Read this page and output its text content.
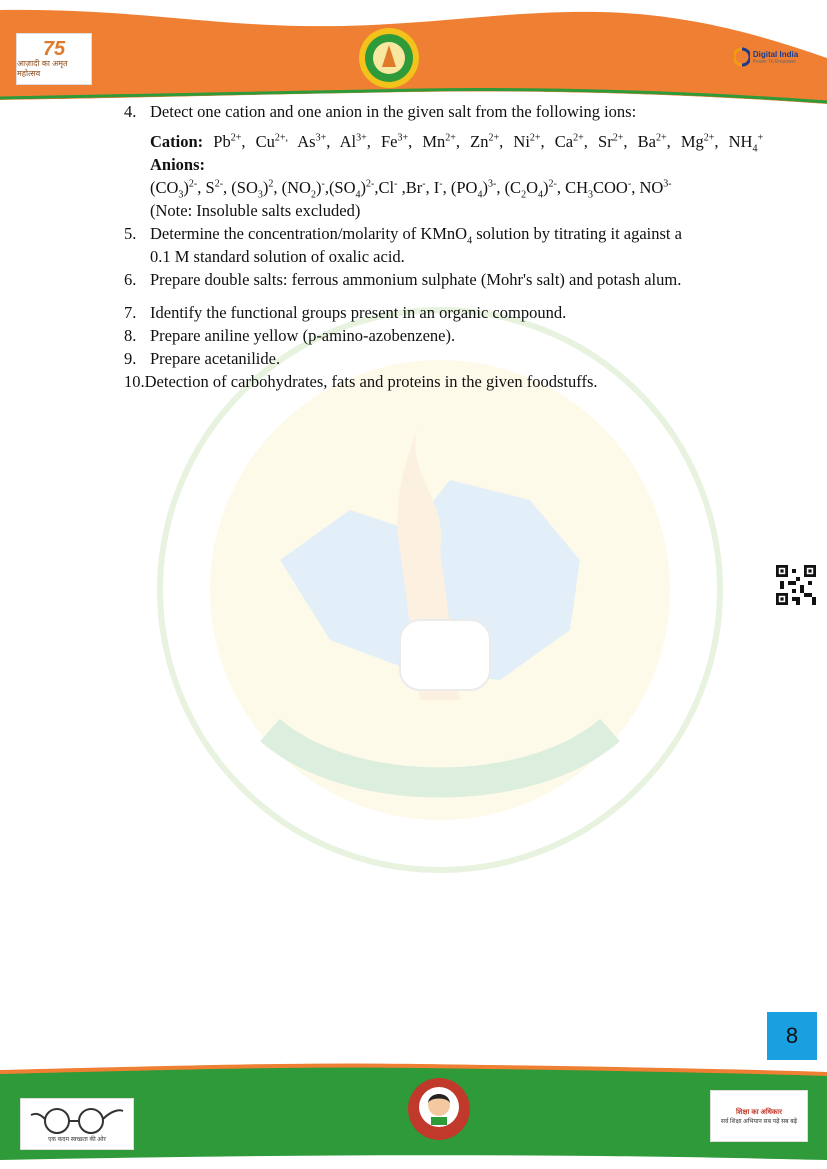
75
आज़ादी का अमृत महोत्सव
Digital India
Power To Empower
4. Detect one cation and one anion in the given salt from the following ions:
Cation: $Pb^{2+}$, $Cu^{2+,}$ $As^{3+}$, $Al^{3+}$, $Fe^{3+}$, $Mn^{2+}$, $Zn^{2+}$, $Ni^{2+}$, $Ca^{2+}$, $Sr^{2+}$, $Ba^{2+}$, $Mg^{2+}$, $NH_4^+$
Anions:
$(CO_3)^{2-}$, $S^{2-}$, $(SO_3)^2$, $(NO_2)^-,(SO_4)^{2-},Cl^-$ ,Br-, I-, $(PO_4)^{3-}$, $(C_2O_4)^{2-}$, $CH_3COO^-$, $NO^{3-}$
(Note: Insoluble salts excluded)
5. Determine the concentration/molarity of KMnO$_4$ solution by titrating it against a
0.1 M standard solution of oxalic acid.
6. Prepare double salts: ferrous ammonium sulphate (Mohr's salt) and potash alum.
7. Identify the functional groups present in an organic compound.
8. Prepare aniline yellow (p-amino-azobenzene).
9. Prepare acetanilide.
10. Detection of carbohydrates, fats and proteins in the given foodstuffs.
8
एक कदम स्वच्छता की ओर
शिक्षा का अधिकार
सर्व शिक्षा अभियान सब पढ़ें सब बढ़ें
